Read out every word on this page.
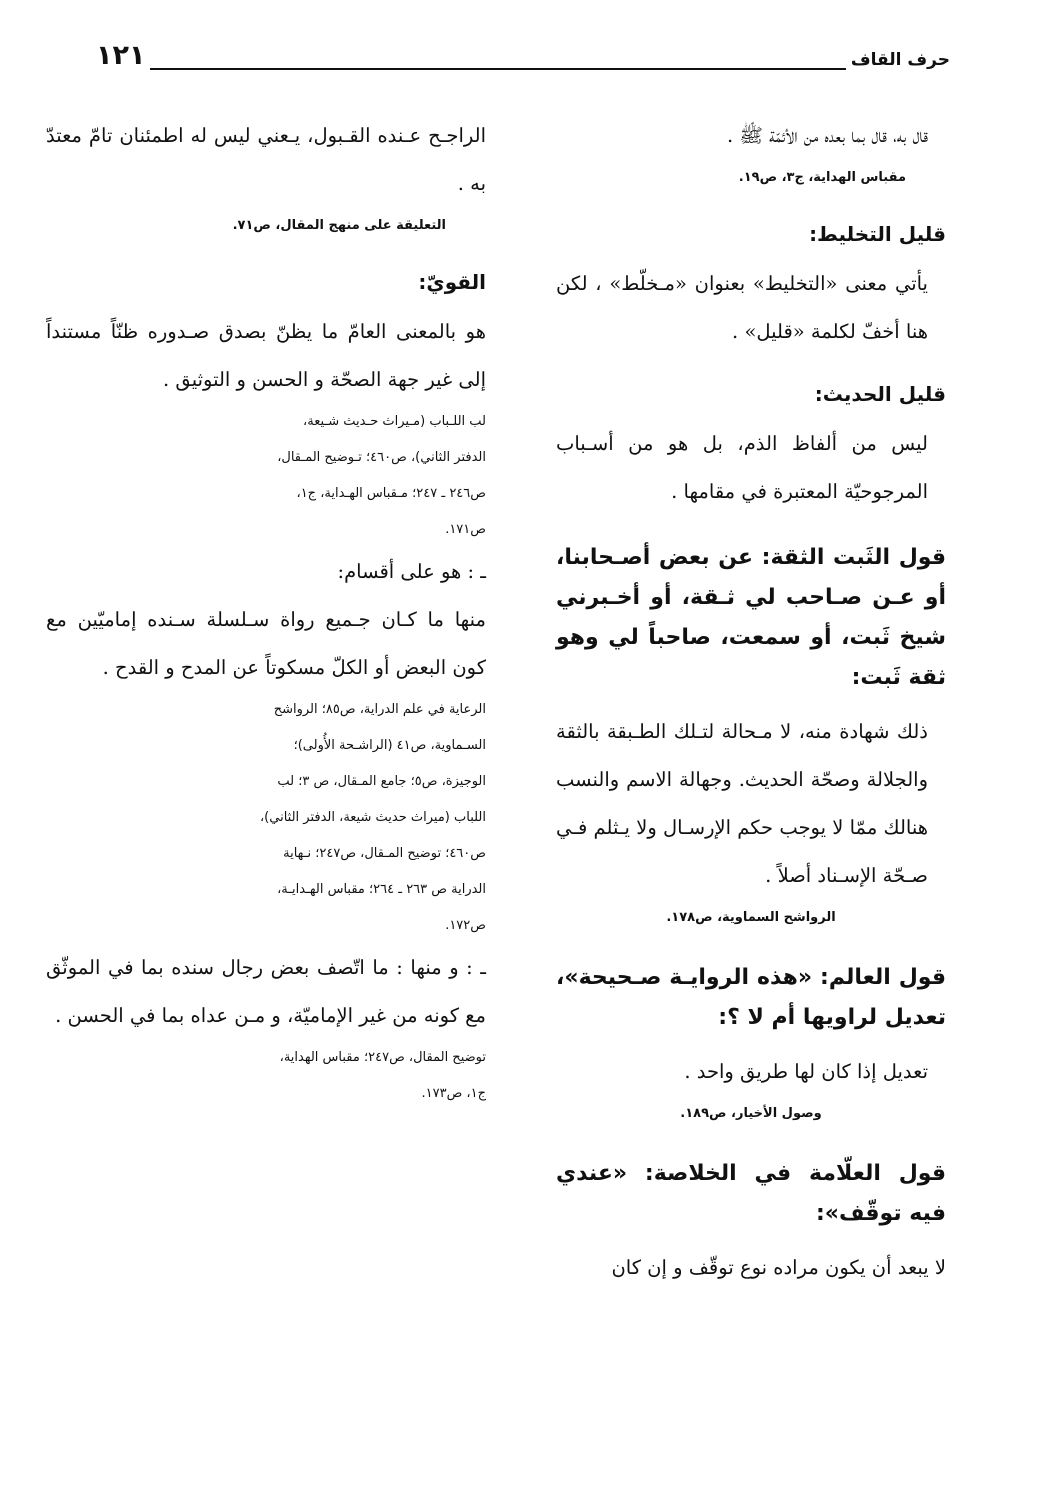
حرف القاف
١٢١

قال به، قال بما بعده من الأئمّة ﷺ .

مقباس الهداية، ج٣، ص١٩.

قليل التخليط:

يأتي معنى «التخليط» بعنوان «مـخلّط» ، لكن هنا أخفّ لكلمة «قليل» .

قليل الحديث:

ليس من ألفاظ الذم، بل هو من أسـباب المرجوحيّة المعتبرة في مقامها .

قول الثَبت الثقة: عن بعض أصـحابنا، أو عـن صـاحب لي ثـقة، أو أخـبرني شيخ ثَبت، أو سمعت، صاحباً لي وهو ثقة ثَبت:

ذلك شهادة منه، لا مـحالة لتـلك الطـبقة بالثقة والجلالة وصحّة الحديث. وجهالة الاسم والنسب هنالك ممّا لا يوجب حكم الإرسـال ولا يـثلم فـي صـحّة الإسـناد أصلاً .

الرواشح السماوية، ص١٧٨.

قول العالم: «هذه الروايـة صـحيحة»، تعديل لراويها أم لا ؟:

تعديل إذا كان لها طريق واحد .

وصول الأخيار، ص١٨٩.

قول العلّامة في الخلاصة: «عندي فيه توقّف»:

لا يبعد أن يكون مراده نوع توقّف و إن كان

الراجـح عـنده القـبول، يـعني ليس له اطمئنان تامّ معتدّ به .

التعليقة على منهج المقال، ص٧١.

القويّ:

هو بالمعنى العامّ ما يظنّ بصدق صـدوره ظنّاً مستنداً إلى غير جهة الصحّة و الحسن و التوثيق .

لب اللـباب (مـيراث حـديث شـيعة،

الدفتر الثاني)، ص٤٦٠؛ تـوضيح المـقال،

ص٢٤٦ ـ ٢٤٧؛ مـقباس الهـداية، ج١،

ص١٧١.

ـ : هو على أقسام:

منها ما كـان جـميع رواة سـلسلة سـنده إماميّين مع كون البعض أو الكلّ مسكوتاً عن المدح و القدح .

الرعاية في علم الدراية، ص٨٥؛ الرواشح

السـماوية، ص٤١ (الراشـحة الأُولى)؛

الوجيزة، ص٥؛ جامع المـقال، ص ٣؛ لب

اللباب (ميراث حديث شيعة، الدفتر الثاني)،

ص٤٦٠؛ توضيح المـقال، ص٢٤٧؛ نـهاية

الدراية ص ٢٦٣ ـ ٢٦٤؛ مقباس الهـدايـة،

ص١٧٢.

ـ : و منها : ما اتّصف بعض رجال سنده بما في الموثّق مع كونه من غير الإماميّة، و مـن عداه بما في الحسن .

توضيح المقال، ص٢٤٧؛ مقباس الهداية،

ج١، ص١٧٣.
